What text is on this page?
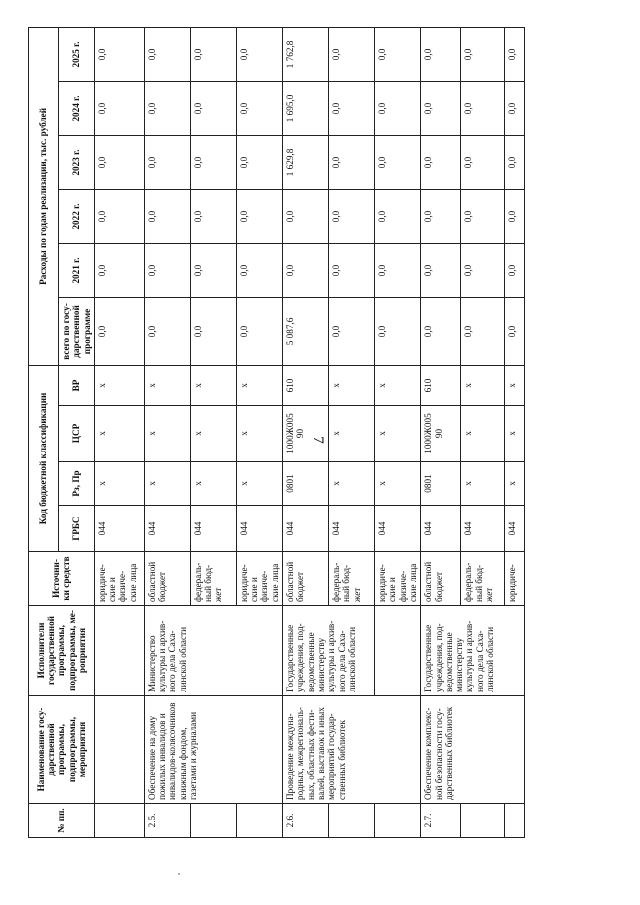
7
№ пп.	Наименование госу-дарственной программы, подпрограммы, мероприятия	Исполнители государственной программы, подпрограммы, ме-роприятия	Источни-ки средств	Код бюджетной классификации				Расходы по годам реализации, тыс. рублей					
				ГРБС	Рз, Пр	ЦСР	ВР	всего по госу-дарственной программе	2021 г.	2022 г.	2023 г.	2024 г.	2025 г.
			юридиче-ские и физиче-ские лица	044	х	х	х	0,0	0,0	0,0	0,0	0,0	0,0
2.5.	Обеспечение на дому пожилых инвалидов и инвалидов-колясочников книжным фондом, газетами и журналами	Министерство культуры и архив-ного дела Саха-линской области	областной бюджет	044	х	х	х	0,0	0,0	0,0	0,0	0,0	0,0
			федераль-ный бюд-жет	044	х	х	х	0,0	0,0	0,0	0,0	0,0	0,0
			юридиче-ские и физиче-ские лица	044	х	х	х	0,0	0,0	0,0	0,0	0,0	0,0
2.6.	Проведение междуна-родных, межрегиональ-ных, областных фести-валей, выставок и иных мероприятий государ-ственных библиотек	Государственные учреждения, под-ведомственные министерству культуры и архив-ного дела Саха-линской области	областной бюджет	044	0801	1000Ж005 90	610	5 087,6	0,0	0,0	1 629,8	1 695,0	1 762,8
			федераль-ный бюд-жет	044	х	х	х	0,0	0,0	0,0	0,0	0,0	0,0
			юридиче-ские и физиче-ские лица	044	х	х	х	0,0	0,0	0,0	0,0	0,0	0,0
2.7.	Обеспечение комплекс-ной безопасности госу-дарственных библиотек	Государственные учреждения, под-ведомственные министерству культуры и архив-ного дела Саха-линской области	областной бюджет	044	0801	1000Ж005 90	610	0,0	0,0	0,0	0,0	0,0	0,0
			федераль-ный бюд-жет	044	х	х	х	0,0	0,0	0,0	0,0	0,0	0,0
			юридиче-	044	х	х	х	0,0	0,0	0,0	0,0	0,0	0,0
